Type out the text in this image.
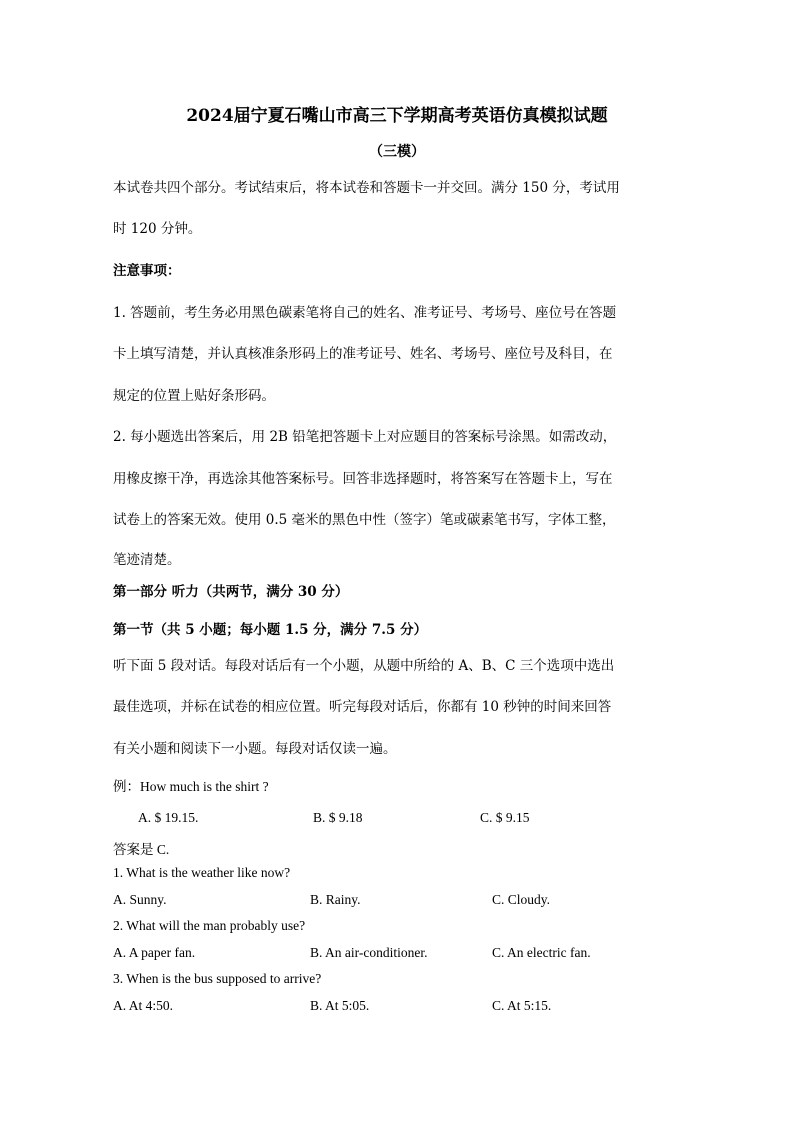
2024届宁夏石嘴山市高三下学期高考英语仿真模拟试题
（三模）
本试卷共四个部分。考试结束后，将本试卷和答题卡一并交回。满分 150 分，考试用
时 120 分钟。
注意事项：
1. 答题前，考生务必用黑色碳素笔将自己的姓名、准考证号、考场号、座位号在答题
卡上填写清楚，并认真核准条形码上的准考证号、姓名、考场号、座位号及科目，在
规定的位置上贴好条形码。
2. 每小题选出答案后，用 2B 铅笔把答题卡上对应题目的答案标号涂黑。如需改动，
用橡皮擦干净，再选涂其他答案标号。回答非选择题时，将答案写在答题卡上，写在
试卷上的答案无效。使用 0.5 毫米的黑色中性（签字）笔或碳素笔书写，字体工整，
笔迹清楚。
第一部分 听力（共两节，满分 30 分）
第一节（共 5 小题；每小题 1.5 分，满分 7.5 分）
听下面 5 段对话。每段对话后有一个小题，从题中所给的 A、B、C 三个选项中选出
最佳选项，并标在试卷的相应位置。听完每段对话后，你都有 10 秒钟的时间来回答
有关小题和阅读下一小题。每段对话仅读一遍。
例：How much is the shirt ?
A. $ 19.15.	B. $ 9.18	C. $ 9.15
答案是 C.
1. What is the weather like now?
A. Sunny.	B. Rainy.	C. Cloudy.
2. What will the man probably use?
A. A paper fan.	B. An air-conditioner.	C. An electric fan.
3. When is the bus supposed to arrive?
A. At 4:50.	B. At 5:05.	C. At 5:15.
